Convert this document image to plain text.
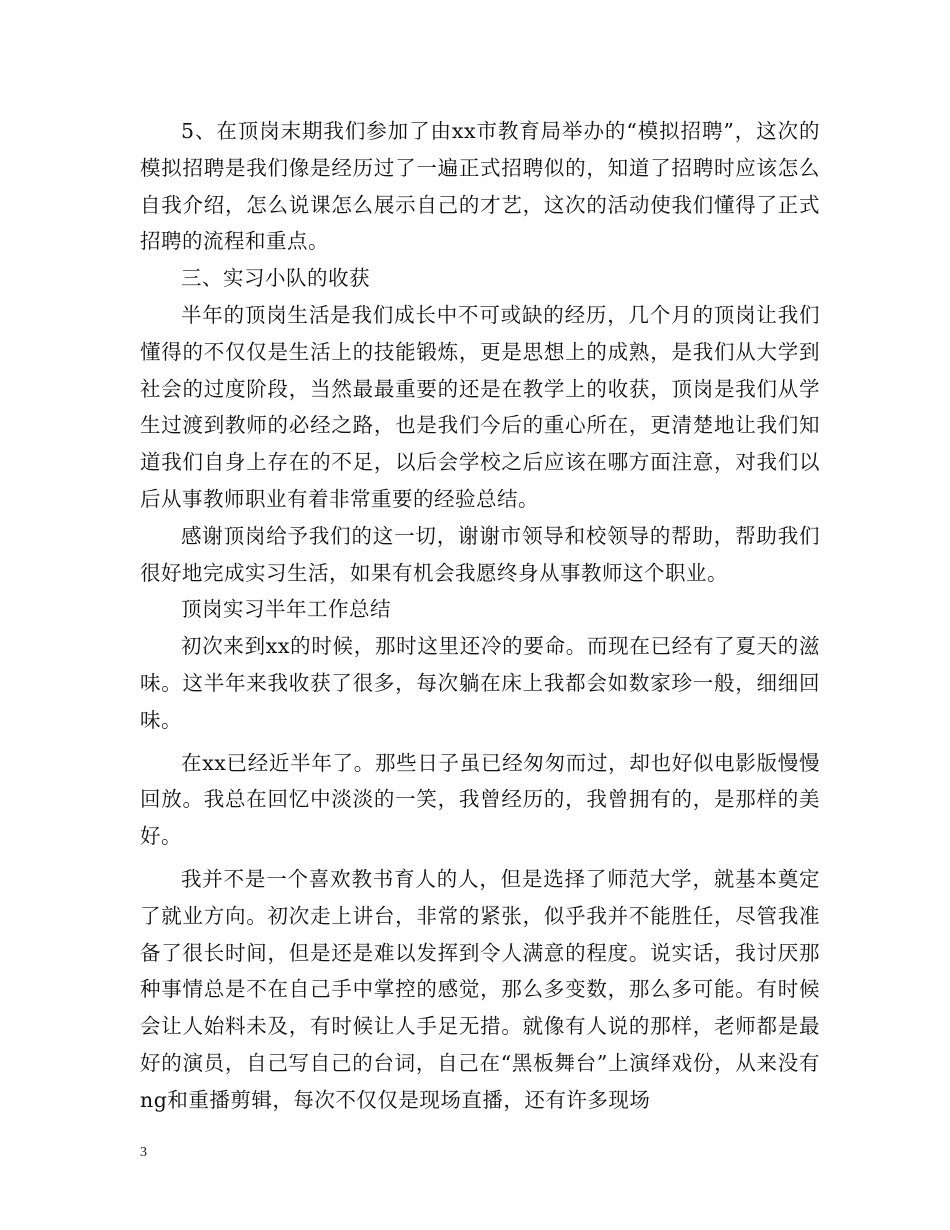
5、在顶岗末期我们参加了由xx市教育局举办的“模拟招聘”，这次的模拟招聘是我们像是经历过了一遍正式招聘似的，知道了招聘时应该怎么自我介绍，怎么说课怎么展示自己的才艺，这次的活动使我们懂得了正式招聘的流程和重点。

三、实习小队的收获

半年的顶岗生活是我们成长中不可或缺的经历，几个月的顶岗让我们懂得的不仅仅是生活上的技能锻炼，更是思想上的成熟，是我们从大学到社会的过度阶段，当然最最重要的还是在教学上的收获，顶岗是我们从学生过渡到教师的必经之路，也是我们今后的重心所在，更清楚地让我们知道我们自身上存在的不足，以后会学校之后应该在哪方面注意，对我们以后从事教师职业有着非常重要的经验总结。

感谢顶岗给予我们的这一切，谢谢市领导和校领导的帮助，帮助我们很好地完成实习生活，如果有机会我愿终身从事教师这个职业。

顶岗实习半年工作总结

初次来到xx的时候，那时这里还冷的要命。而现在已经有了夏天的滋味。这半年来我收获了很多，每次躺在床上我都会如数家珍一般，细细回味。

在xx已经近半年了。那些日子虽已经匆匆而过，却也好似电影版慢慢回放。我总在回忆中淡淡的一笑，我曾经历的，我曾拥有的，是那样的美好。

我并不是一个喜欢教书育人的人，但是选择了师范大学，就基本奠定了就业方向。初次走上讲台，非常的紧张，似乎我并不能胜任，尽管我准备了很长时间，但是还是难以发挥到令人满意的程度。说实话，我讨厌那种事情总是不在自己手中掌控的感觉，那么多变数，那么多可能。有时候会让人始料未及，有时候让人手足无措。就像有人说的那样，老师都是最好的演员，自己写自己的台词，自己在“黑板舞台”上演绎戏份，从来没有ng和重播剪辑，每次不仅仅是现场直播，还有许多现场

3
